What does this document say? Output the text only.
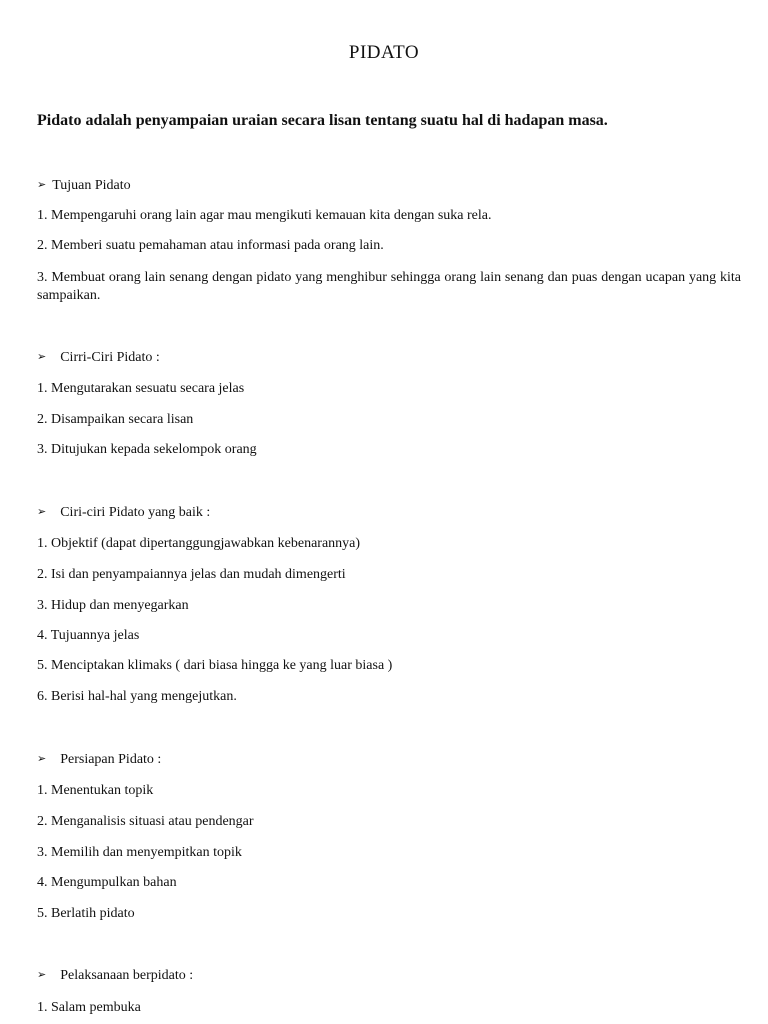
PIDATO
Pidato adalah penyampaian uraian secara lisan tentang suatu hal di hadapan masa.
➢ Tujuan Pidato
1. Mempengaruhi orang lain agar mau mengikuti kemauan kita dengan suka rela.
2. Memberi suatu pemahaman atau informasi pada orang lain.
3. Membuat orang lain senang dengan pidato yang menghibur sehingga orang lain senang dan puas dengan ucapan yang kita sampaikan.
➢ Cirri-Ciri Pidato :
1. Mengutarakan sesuatu secara jelas
2. Disampaikan secara lisan
3. Ditujukan kepada sekelompok orang
➢ Ciri-ciri Pidato yang baik :
1. Objektif (dapat dipertanggungjawabkan kebenarannya)
2. Isi dan penyampaiannya jelas dan mudah dimengerti
3. Hidup dan menyegarkan
4. Tujuannya jelas
5. Menciptakan klimaks ( dari biasa hingga ke yang luar biasa )
6. Berisi hal-hal yang mengejutkan.
➢ Persiapan Pidato :
1. Menentukan topik
2. Menganalisis situasi atau pendengar
3. Memilih dan menyempitkan topik
4. Mengumpulkan bahan
5. Berlatih pidato
➢ Pelaksanaan berpidato :
1. Salam pembuka
